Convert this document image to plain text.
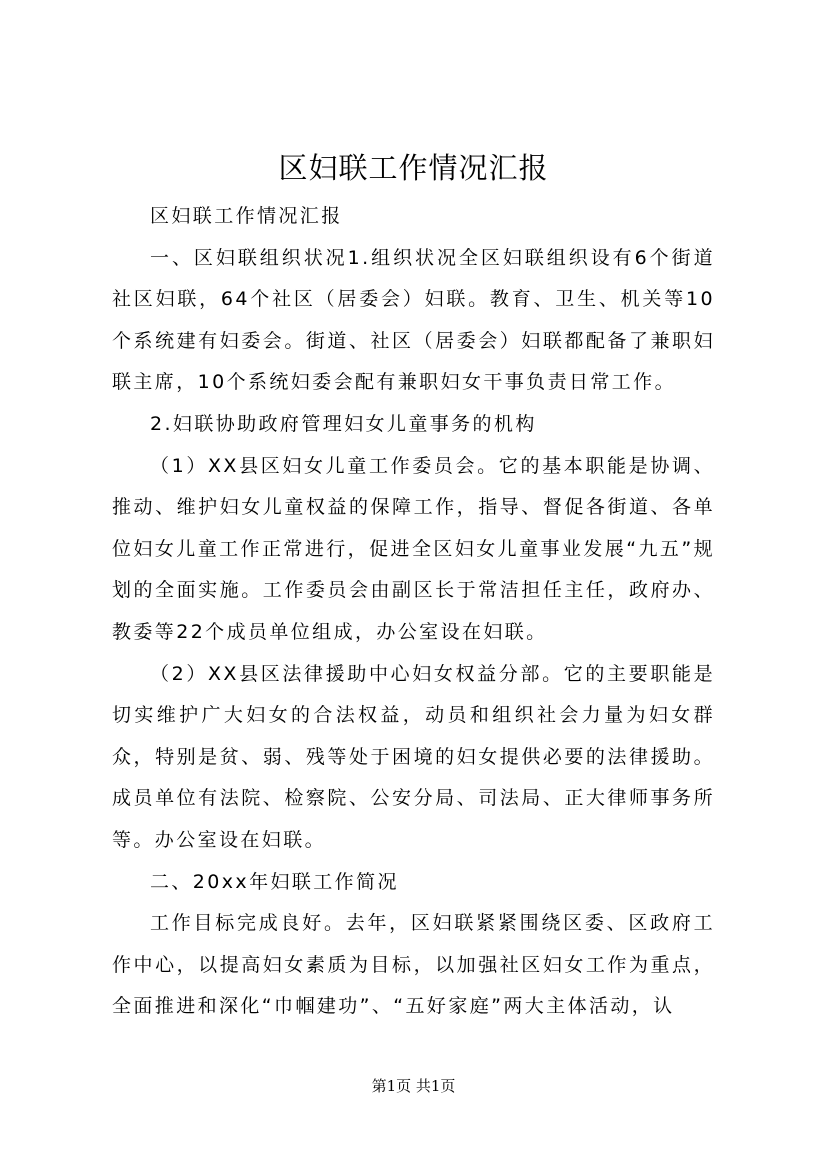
区妇联工作情况汇报

区妇联工作情况汇报

一、区妇联组织状况1.组织状况全区妇联组织设有6个街道社区妇联，64个社区（居委会）妇联。教育、卫生、机关等10个系统建有妇委会。街道、社区（居委会）妇联都配备了兼职妇联主席，10个系统妇委会配有兼职妇女干事负责日常工作。

2.妇联协助政府管理妇女儿童事务的机构

（1）XX县区妇女儿童工作委员会。它的基本职能是协调、推动、维护妇女儿童权益的保障工作，指导、督促各街道、各单位妇女儿童工作正常进行，促进全区妇女儿童事业发展“九五”规划的全面实施。工作委员会由副区长于常洁担任主任，政府办、教委等22个成员单位组成，办公室设在妇联。

（2）XX县区法律援助中心妇女权益分部。它的主要职能是切实维护广大妇女的合法权益，动员和组织社会力量为妇女群众，特别是贫、弱、残等处于困境的妇女提供必要的法律援助。成员单位有法院、检察院、公安分局、司法局、正大律师事务所等。办公室设在妇联。

二、20xx年妇联工作简况

工作目标完成良好。去年，区妇联紧紧围绕区委、区政府工作中心，以提高妇女素质为目标，以加强社区妇女工作为重点，全面推进和深化“巾帼建功”、“五好家庭”两大主体活动，认

第1页 共1页
